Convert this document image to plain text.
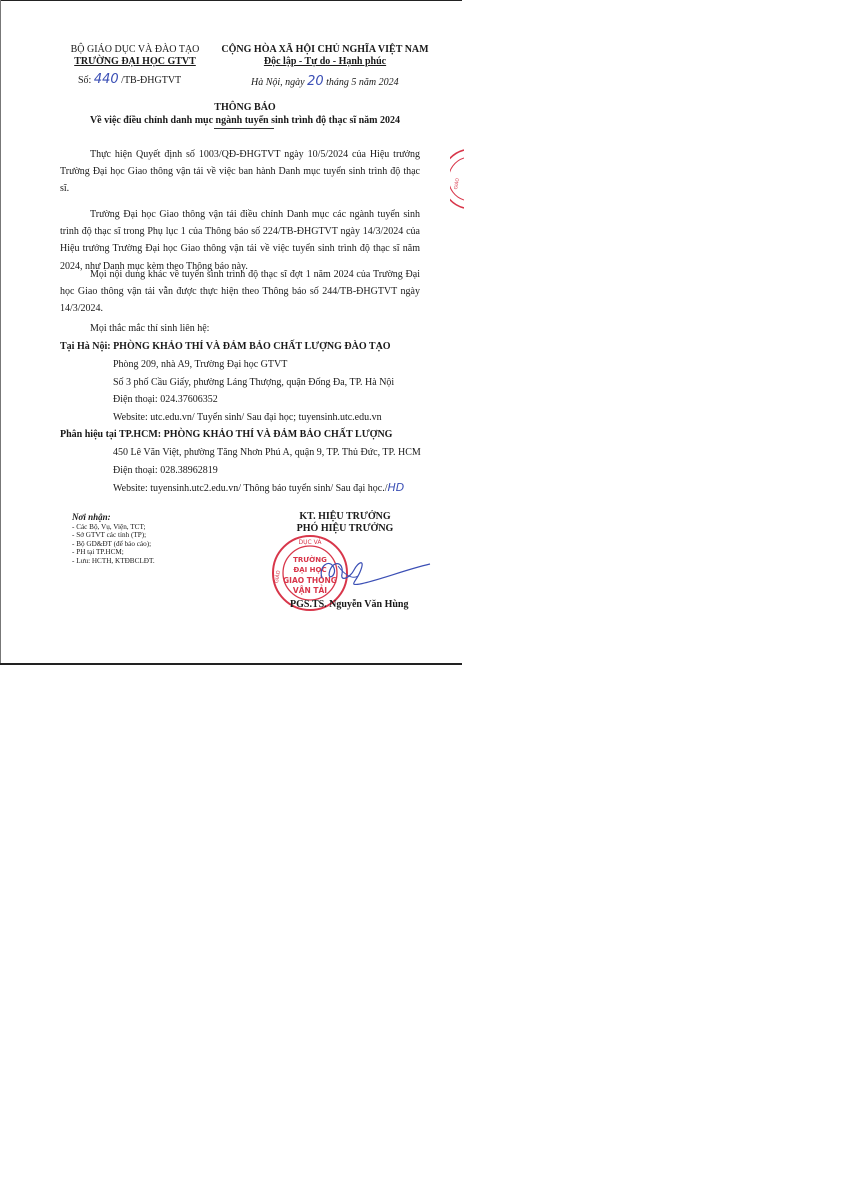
BỘ GIÁO DỤC VÀ ĐÀO TẠO
TRƯỜNG ĐẠI HỌC GTVT
CỘNG HÒA XÃ HỘI CHỦ NGHĨA VIỆT NAM
Độc lập - Tự do - Hạnh phúc
Số: 440 /TB-ĐHGTVT	Hà Nội, ngày 20 tháng 5 năm 2024
THÔNG BÁO
Về việc điều chỉnh danh mục ngành tuyển sinh trình độ thạc sĩ năm 2024
Thực hiện Quyết định số 1003/QĐ-ĐHGTVT ngày 10/5/2024 của Hiệu trưởng Trường Đại học Giao thông vận tải về việc ban hành Danh mục tuyển sinh trình độ thạc sĩ.
Trường Đại học Giao thông vận tải điều chỉnh Danh mục các ngành tuyển sinh trình độ thạc sĩ trong Phụ lục 1 của Thông báo số 224/TB-ĐHGTVT ngày 14/3/2024 của Hiệu trưởng Trường Đại học Giao thông vận tải về việc tuyển sinh trình độ thạc sĩ năm 2024, như Danh mục kèm theo Thông báo này.
Mọi nội dung khác về tuyển sinh trình độ thạc sĩ đợt 1 năm 2024 của Trường Đại học Giao thông vận tải vẫn được thực hiện theo Thông báo số 244/TB-ĐHGTVT ngày 14/3/2024.
Mọi thắc mắc thí sinh liên hệ:
Tại Hà Nội: PHÒNG KHẢO THÍ VÀ ĐẢM BẢO CHẤT LƯỢNG ĐÀO TẠO
Phòng 209, nhà A9, Trường Đại học GTVT
Số 3 phố Cầu Giấy, phường Láng Thượng, quận Đống Đa, TP. Hà Nội
Điện thoại: 024.37606352
Website: utc.edu.vn/ Tuyển sinh/ Sau đại học; tuyensinh.utc.edu.vn
Phân hiệu tại TP.HCM: PHÒNG KHẢO THÍ VÀ ĐẢM BẢO CHẤT LƯỢNG
450 Lê Văn Việt, phường Tăng Nhơn Phú A, quận 9, TP. Thủ Đức, TP. HCM
Điện thoại: 028.38962819
Website: tuyensinh.utc2.edu.vn/ Thông báo tuyển sinh/ Sau đại học./HD
Nơi nhận:
- Các Bộ, Vụ, Viện, TCT;
- Sở GTVT các tỉnh (TP);
- Bộ GD&ĐT (để báo cáo);
- PH tại TP.HCM;
- Lưu: HCTH, KTĐBCLĐT.
KT. HIỆU TRƯỞNG
PHÓ HIỆU TRƯỞNG
DỤC VÀ
GIÁO
TRƯỜNG
ĐẠI HỌC
GIAO THÔNG
VẬN TẢI
PGS.TS. Nguyễn Văn Hùng
GIÁO
